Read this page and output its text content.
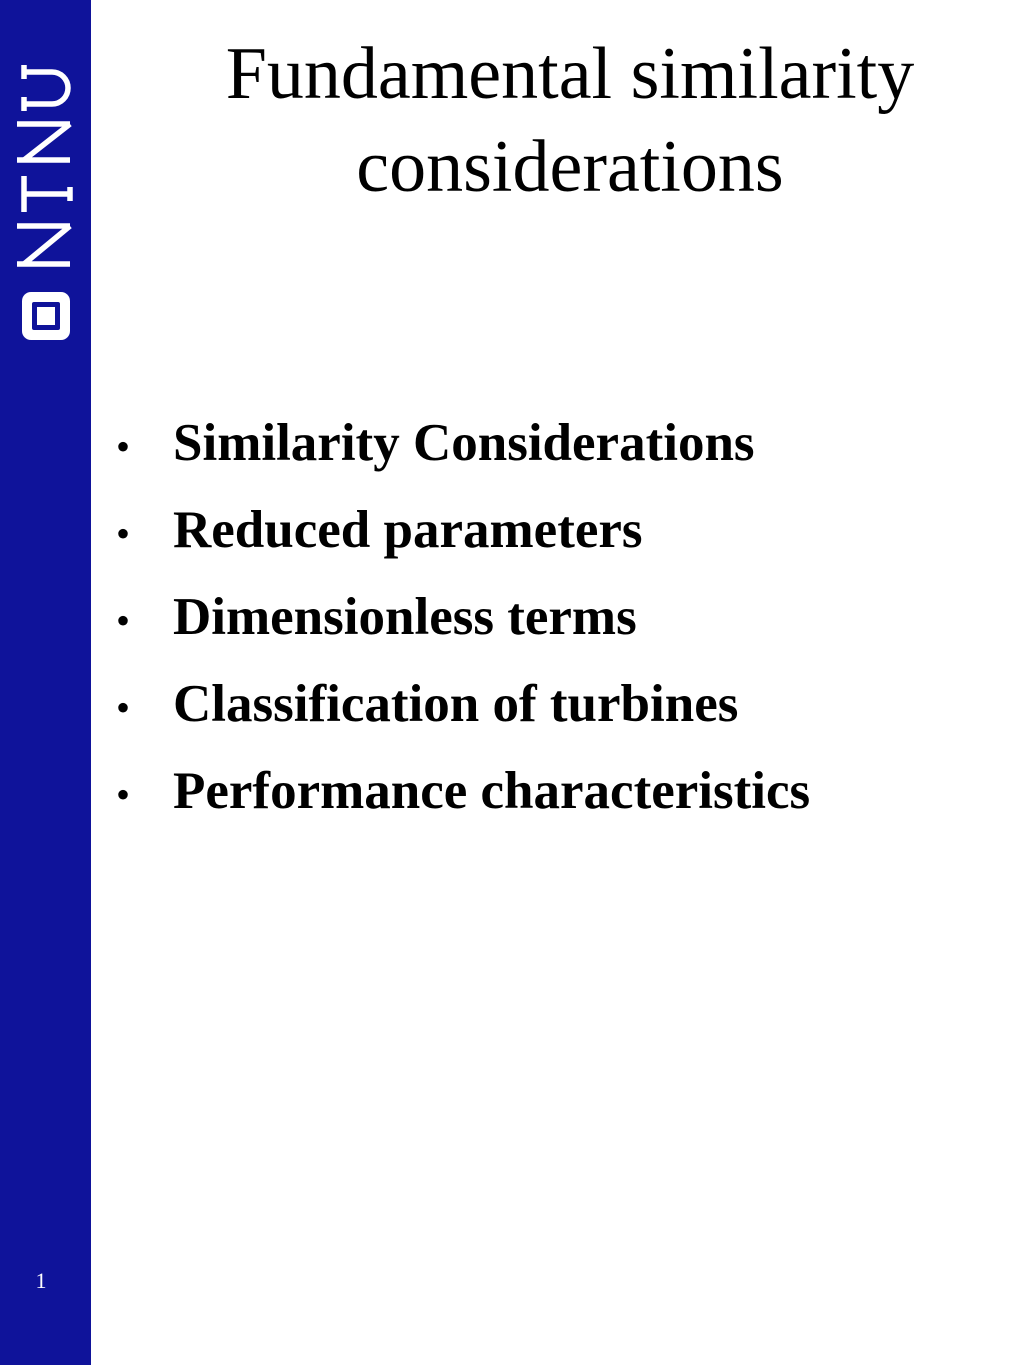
1
Fundamental similarity
considerations
• Similarity Considerations
• Reduced parameters
• Dimensionless terms
• Classification of turbines
• Performance characteristics
